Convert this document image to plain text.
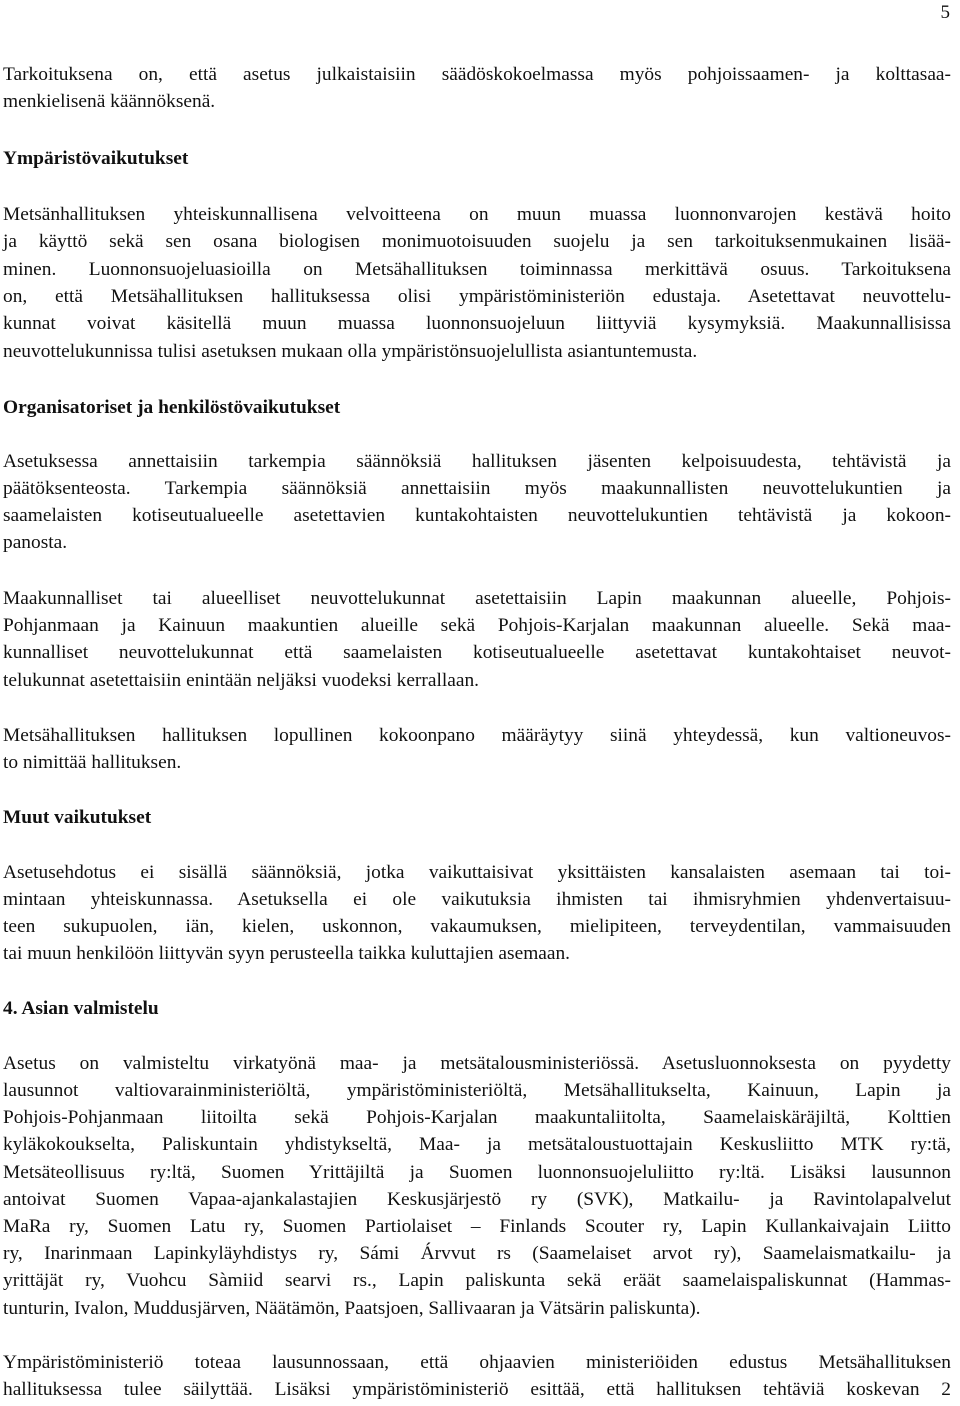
5
Tarkoituksena on, että asetus julkaistaisiin säädöskokoelmassa myös pohjoissaamen- ja kolttasaa-
menkielisenä käännöksenä.
Ympäristövaikutukset
Metsänhallituksen yhteiskunnallisena velvoitteena on muun muassa luonnonvarojen kestävä hoito
ja käyttö sekä sen osana biologisen monimuotoisuuden suojelu ja sen tarkoituksenmukainen lisää-
minen. Luonnonsuojeluasioilla on Metsähallituksen toiminnassa merkittävä osuus. Tarkoituksena
on, että Metsähallituksen hallituksessa olisi ympäristöministeriön edustaja. Asetettavat neuvottelu-
kunnat voivat käsitellä muun muassa luonnonsuojeluun liittyviä kysymyksiä. Maakunnallisissa
neuvottelukunnissa tulisi asetuksen mukaan olla ympäristönsuojelullista asiantuntemusta.
Organisatoriset ja henkilöstövaikutukset
Asetuksessa annettaisiin tarkempia säännöksiä hallituksen jäsenten kelpoisuudesta, tehtävistä ja
päätöksenteosta. Tarkempia säännöksiä annettaisiin myös maakunnallisten neuvottelukuntien ja
saamelaisten kotiseutualueelle asetettavien kuntakohtaisten neuvottelukuntien tehtävistä ja kokoon-
panosta.
Maakunnalliset tai alueelliset neuvottelukunnat asetettaisiin Lapin maakunnan alueelle, Pohjois-
Pohjanmaan ja Kainuun maakuntien alueille sekä Pohjois-Karjalan maakunnan alueelle. Sekä maa-
kunnalliset neuvottelukunnat että saamelaisten kotiseutualueelle asetettavat kuntakohtaiset neuvot-
telukunnat asetettaisiin enintään neljäksi vuodeksi kerrallaan.
Metsähallituksen hallituksen lopullinen kokoonpano määräytyy siinä yhteydessä, kun valtioneuvos-
to nimittää hallituksen.
Muut vaikutukset
Asetusehdotus ei sisällä säännöksiä, jotka vaikuttaisivat yksittäisten kansalaisten asemaan tai toi-
mintaan yhteiskunnassa. Asetuksella ei ole vaikutuksia ihmisten tai ihmisryhmien yhdenvertaisuu-
teen sukupuolen, iän, kielen, uskonnon, vakaumuksen, mielipiteen, terveydentilan, vammaisuuden
tai muun henkilöön liittyvän syyn perusteella taikka kuluttajien asemaan.
4. Asian valmistelu
Asetus on valmisteltu virkatyönä maa- ja metsätalousministeriössä. Asetusluonnoksesta on pyydetty
lausunnot valtiovarainministeriöltä, ympäristöministeriöltä, Metsähallitukselta, Kainuun, Lapin ja
Pohjois-Pohjanmaan liitoilta sekä Pohjois-Karjalan maakuntaliitolta, Saamelaiskäräjiltä, Kolttien
kyläkokoukselta, Paliskuntain yhdistykseltä, Maa- ja metsätaloustuottajain Keskusliitto MTK ry:tä,
Metsäteollisuus ry:ltä, Suomen Yrittäjiltä ja Suomen luonnonsuojeluliitto ry:ltä. Lisäksi lausunnon
antoivat Suomen Vapaa-ajankalastajien Keskusjärjestö ry (SVK), Matkailu- ja Ravintolapalvelut
MaRa ry, Suomen Latu ry, Suomen Partiolaiset – Finlands Scouter ry, Lapin Kullankaivajain Liitto
ry, Inarinmaan Lapinkyläyhdistys ry, Sámi Árvvut rs (Saamelaiset arvot ry), Saamelaismatkailu- ja
yrittäjät ry, Vuohcu Sàmiid searvi rs., Lapin paliskunta sekä eräät saamelaispaliskunnat (Hammas-
tunturin, Ivalon, Muddusjärven, Näätämön, Paatsjoen, Sallivaaran ja Vätsärin paliskunta).
Ympäristöministeriö toteaa lausunnossaan, että ohjaavien ministeriöiden edustus Metsähallituksen
hallituksessa tulee säilyttää. Lisäksi ympäristöministeriö esittää, että hallituksen tehtäviä koskevan 2
